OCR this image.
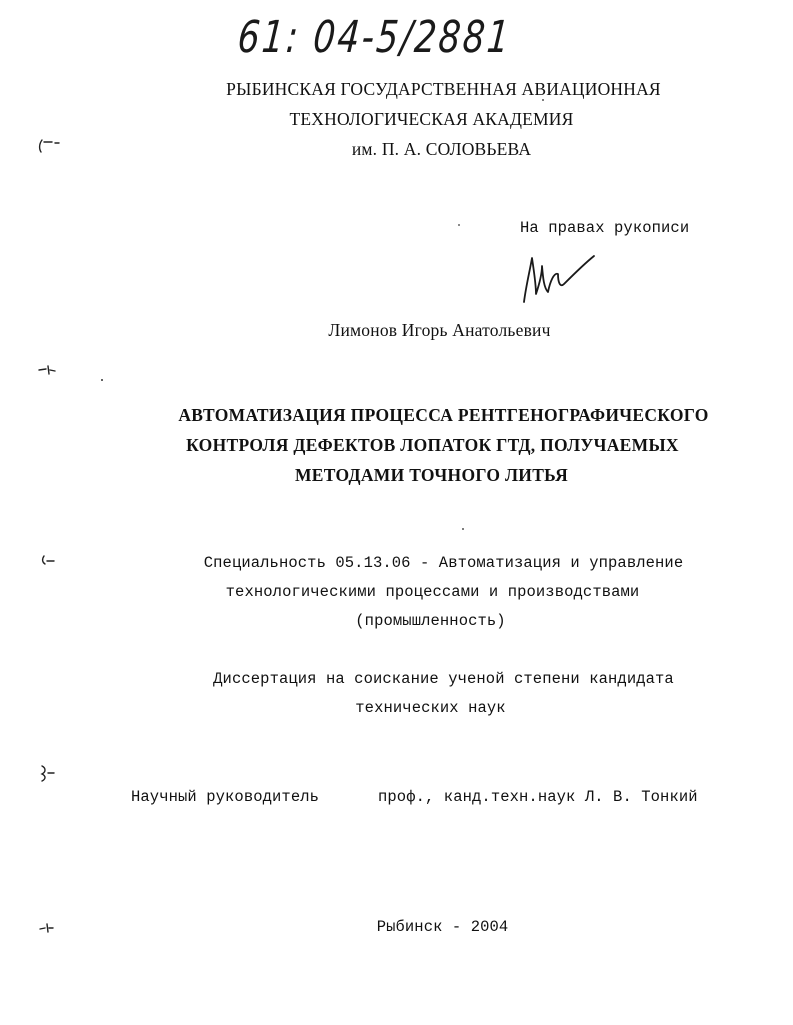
61: 04-5/2881
РЫБИНСКАЯ ГОСУДАРСТВЕННАЯ АВИАЦИОННАЯ
ТЕХНОЛОГИЧЕСКАЯ АКАДЕМИЯ
им. П. А. СОЛОВЬЕВА
На правах рукописи
Лимонов Игорь Анатольевич
АВТОМАТИЗАЦИЯ ПРОЦЕССА РЕНТГЕНОГРАФИЧЕСКОГО
КОНТРОЛЯ ДЕФЕКТОВ ЛОПАТОК ГТД, ПОЛУЧАЕМЫХ
МЕТОДАМИ ТОЧНОГО ЛИТЬЯ
Специальность 05.13.06 - Автоматизация и управление
технологическими процессами и производствами
(промышленность)
Диссертация на соискание ученой степени кандидата
технических наук
Научный руководитель	проф., канд.техн.наук Л. В. Тонкий
Рыбинск - 2004
